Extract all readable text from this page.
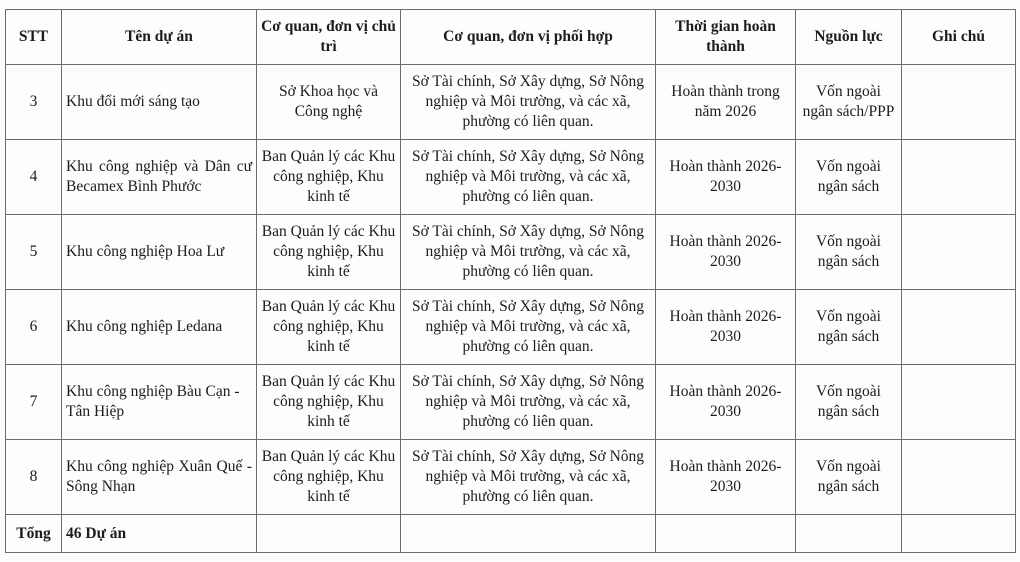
STT	Tên dự án	Cơ quan, đơn vị chủ trì	Cơ quan, đơn vị phối hợp	Thời gian hoàn thành	Nguồn lực	Ghi chú
3	Khu đổi mới sáng tạo	Sở Khoa học và Công nghệ	Sở Tài chính, Sở Xây dựng, Sở Nông nghiệp và Môi trường, và các xã, phường có liên quan.	Hoàn thành trong năm 2026	Vốn ngoài ngân sách/PPP	
4	Khu công nghiệp và Dân cư Becamex Bình Phước	Ban Quản lý các Khu công nghiệp, Khu kinh tế	Sở Tài chính, Sở Xây dựng, Sở Nông nghiệp và Môi trường, và các xã, phường có liên quan.	Hoàn thành 2026-2030	Vốn ngoài ngân sách	
5	Khu công nghiệp Hoa Lư	Ban Quản lý các Khu công nghiệp, Khu kinh tế	Sở Tài chính, Sở Xây dựng, Sở Nông nghiệp và Môi trường, và các xã, phường có liên quan.	Hoàn thành 2026-2030	Vốn ngoài ngân sách	
6	Khu công nghiệp Ledana	Ban Quản lý các Khu công nghiệp, Khu kinh tế	Sở Tài chính, Sở Xây dựng, Sở Nông nghiệp và Môi trường, và các xã, phường có liên quan.	Hoàn thành 2026-2030	Vốn ngoài ngân sách	
7	Khu công nghiệp Bàu Cạn - Tân Hiệp	Ban Quản lý các Khu công nghiệp, Khu kinh tế	Sở Tài chính, Sở Xây dựng, Sở Nông nghiệp và Môi trường, và các xã, phường có liên quan.	Hoàn thành 2026-2030	Vốn ngoài ngân sách	
8	Khu công nghiệp Xuân Quế - Sông Nhạn	Ban Quản lý các Khu công nghiệp, Khu kinh tế	Sở Tài chính, Sở Xây dựng, Sở Nông nghiệp và Môi trường, và các xã, phường có liên quan.	Hoàn thành 2026-2030	Vốn ngoài ngân sách	
Tổng	46 Dự án					
